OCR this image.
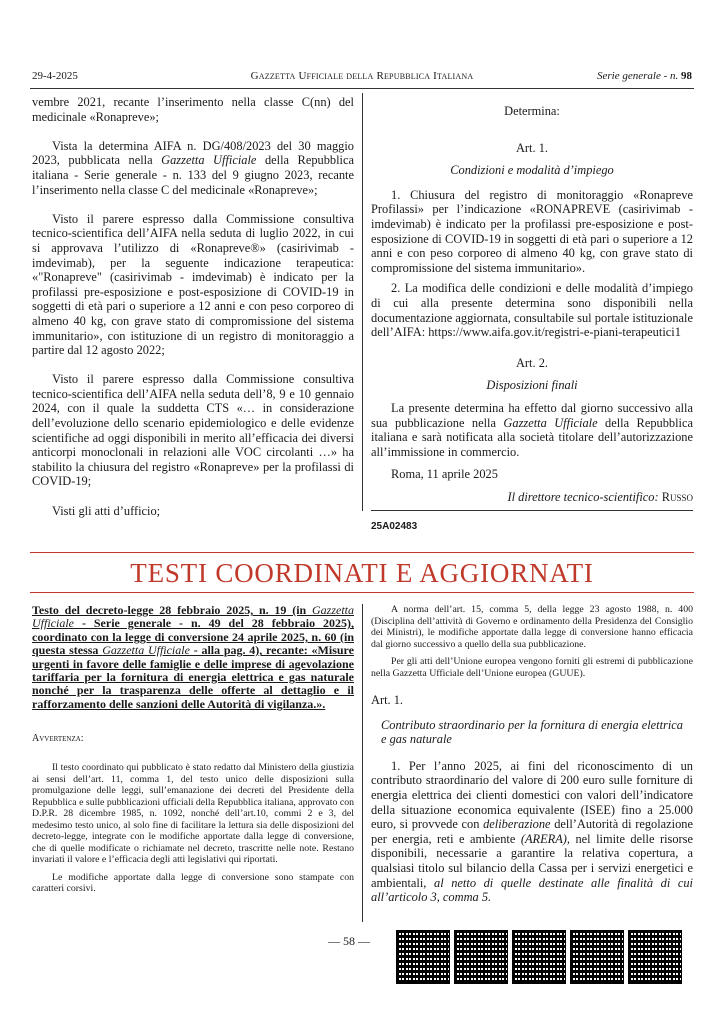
29-4-2025	Gazzetta Ufficiale della Repubblica Italiana	Serie generale - n. 98

vembre 2021, recante l’inserimento nella classe C(nn) del medicinale «Ronapreve»;

Vista la determina AIFA n. DG/408/2023 del 30 maggio 2023, pubblicata nella Gazzetta Ufficiale della Repubblica italiana - Serie generale - n. 133 del 9 giugno 2023, recante l’inserimento nella classe C del medicinale «Ronapreve»;

Visto il parere espresso dalla Commissione consultiva tecnico-scientifica dell’AIFA nella seduta di luglio 2022, in cui si approvava l’utilizzo di «Ronapreve®» (casirivimab - imdevimab), per la seguente indicazione terapeutica: «"Ronapreve" (casirivimab - imdevimab) è indicato per la profilassi pre-esposizione e post-esposizione di COVID-19 in soggetti di età pari o superiore a 12 anni e con peso corporeo di almeno 40 kg, con grave stato di compromissione del sistema immunitario», con istituzione di un registro di monitoraggio a partire dal 12 agosto 2022;

Visto il parere espresso dalla Commissione consultiva tecnico-scientifica dell’AIFA nella seduta dell’8, 9 e 10 gennaio 2024, con il quale la suddetta CTS «… in considerazione dell’evoluzione dello scenario epidemiologico e delle evidenze scientifiche ad oggi disponibili in merito all’efficacia dei diversi anticorpi monoclonali in relazioni alle VOC circolanti …» ha stabilito la chiusura del registro «Ronapreve» per la profilassi di COVID-19;

Visti gli atti d’ufficio;

Determina:

Art. 1.

Condizioni e modalità d’impiego

1. Chiusura del registro di monitoraggio «Ronapreve Profilassi» per l’indicazione «RONAPREVE (casirivimab - imdevimab) è indicato per la profilassi pre-esposizione e post-esposizione di COVID-19 in soggetti di età pari o superiore a 12 anni e con peso corporeo di almeno 40 kg, con grave stato di compromissione del sistema immunitario».

2. La modifica delle condizioni e delle modalità d’impiego di cui alla presente determina sono disponibili nella documentazione aggiornata, consultabile sul portale istituzionale dell’AIFA: https://www.aifa.gov.it/registri-e-piani-terapeutici1

Art. 2.

Disposizioni finali

La presente determina ha effetto dal giorno successivo alla sua pubblicazione nella Gazzetta Ufficiale della Repubblica italiana e sarà notificata alla società titolare dell’autorizzazione all’immissione in commercio.

Roma, 11 aprile 2025

Il direttore tecnico-scientifico: Russo

25A02483
TESTI COORDINATI E AGGIORNATI
Testo del decreto-legge 28 febbraio 2025, n. 19 (in Gazzetta Ufficiale - Serie generale - n. 49 del 28 febbraio 2025), coordinato con la legge di conversione 24 aprile 2025, n. 60 (in questa stessa Gazzetta Ufficiale - alla pag. 4), recante: «Misure urgenti in favore delle famiglie e delle imprese di agevolazione tariffaria per la fornitura di energia elettrica e gas naturale nonché per la trasparenza delle offerte al dettaglio e il rafforzamento delle sanzioni delle Autorità di vigilanza.».
Avvertenza:

Il testo coordinato qui pubblicato è stato redatto dal Ministero della giustizia ai sensi dell’art. 11, comma 1, del testo unico delle disposizioni sulla promulgazione delle leggi, sull’emanazione dei decreti del Presidente della Repubblica e sulle pubblicazioni ufficiali della Repubblica italiana, approvato con D.P.R. 28 dicembre 1985, n. 1092, nonché dell’art.10, commi 2 e 3, del medesimo testo unico, al solo fine di facilitare la lettura sia delle disposizioni del decreto-legge, integrate con le modifiche apportate dalla legge di conversione, che di quelle modificate o richiamate nel decreto, trascritte nelle note. Restano invariati il valore e l’efficacia degli atti legislativi qui riportati.

Le modifiche apportate dalla legge di conversione sono stampate con caratteri corsivi.

A norma dell’art. 15, comma 5, della legge 23 agosto 1988, n. 400 (Disciplina dell’attività di Governo e ordinamento della Presidenza del Consiglio dei Ministri), le modifiche apportate dalla legge di conversione hanno efficacia dal giorno successivo a quello della sua pubblicazione.

Per gli atti dell’Unione europea vengono forniti gli estremi di pubblicazione nella Gazzetta Ufficiale dell’Unione europea (GUUE).

Art. 1.
Contributo straordinario per la fornitura di energia elettrica e gas naturale
1. Per l’anno 2025, ai fini del riconoscimento di un contributo straordinario del valore di 200 euro sulle forniture di energia elettrica dei clienti domestici con valori dell’indicatore della situazione economica equivalente (ISEE) fino a 25.000 euro, si provvede con deliberazione dell’Autorità di regolazione per energia, reti e ambiente (ARERA), nel limite delle risorse disponibili, necessarie a garantire la relativa copertura, a qualsiasi titolo sul bilancio della Cassa per i servizi energetici e ambientali, al netto di quelle destinate alle finalità di cui all’articolo 3, comma 5.
— 58 —
